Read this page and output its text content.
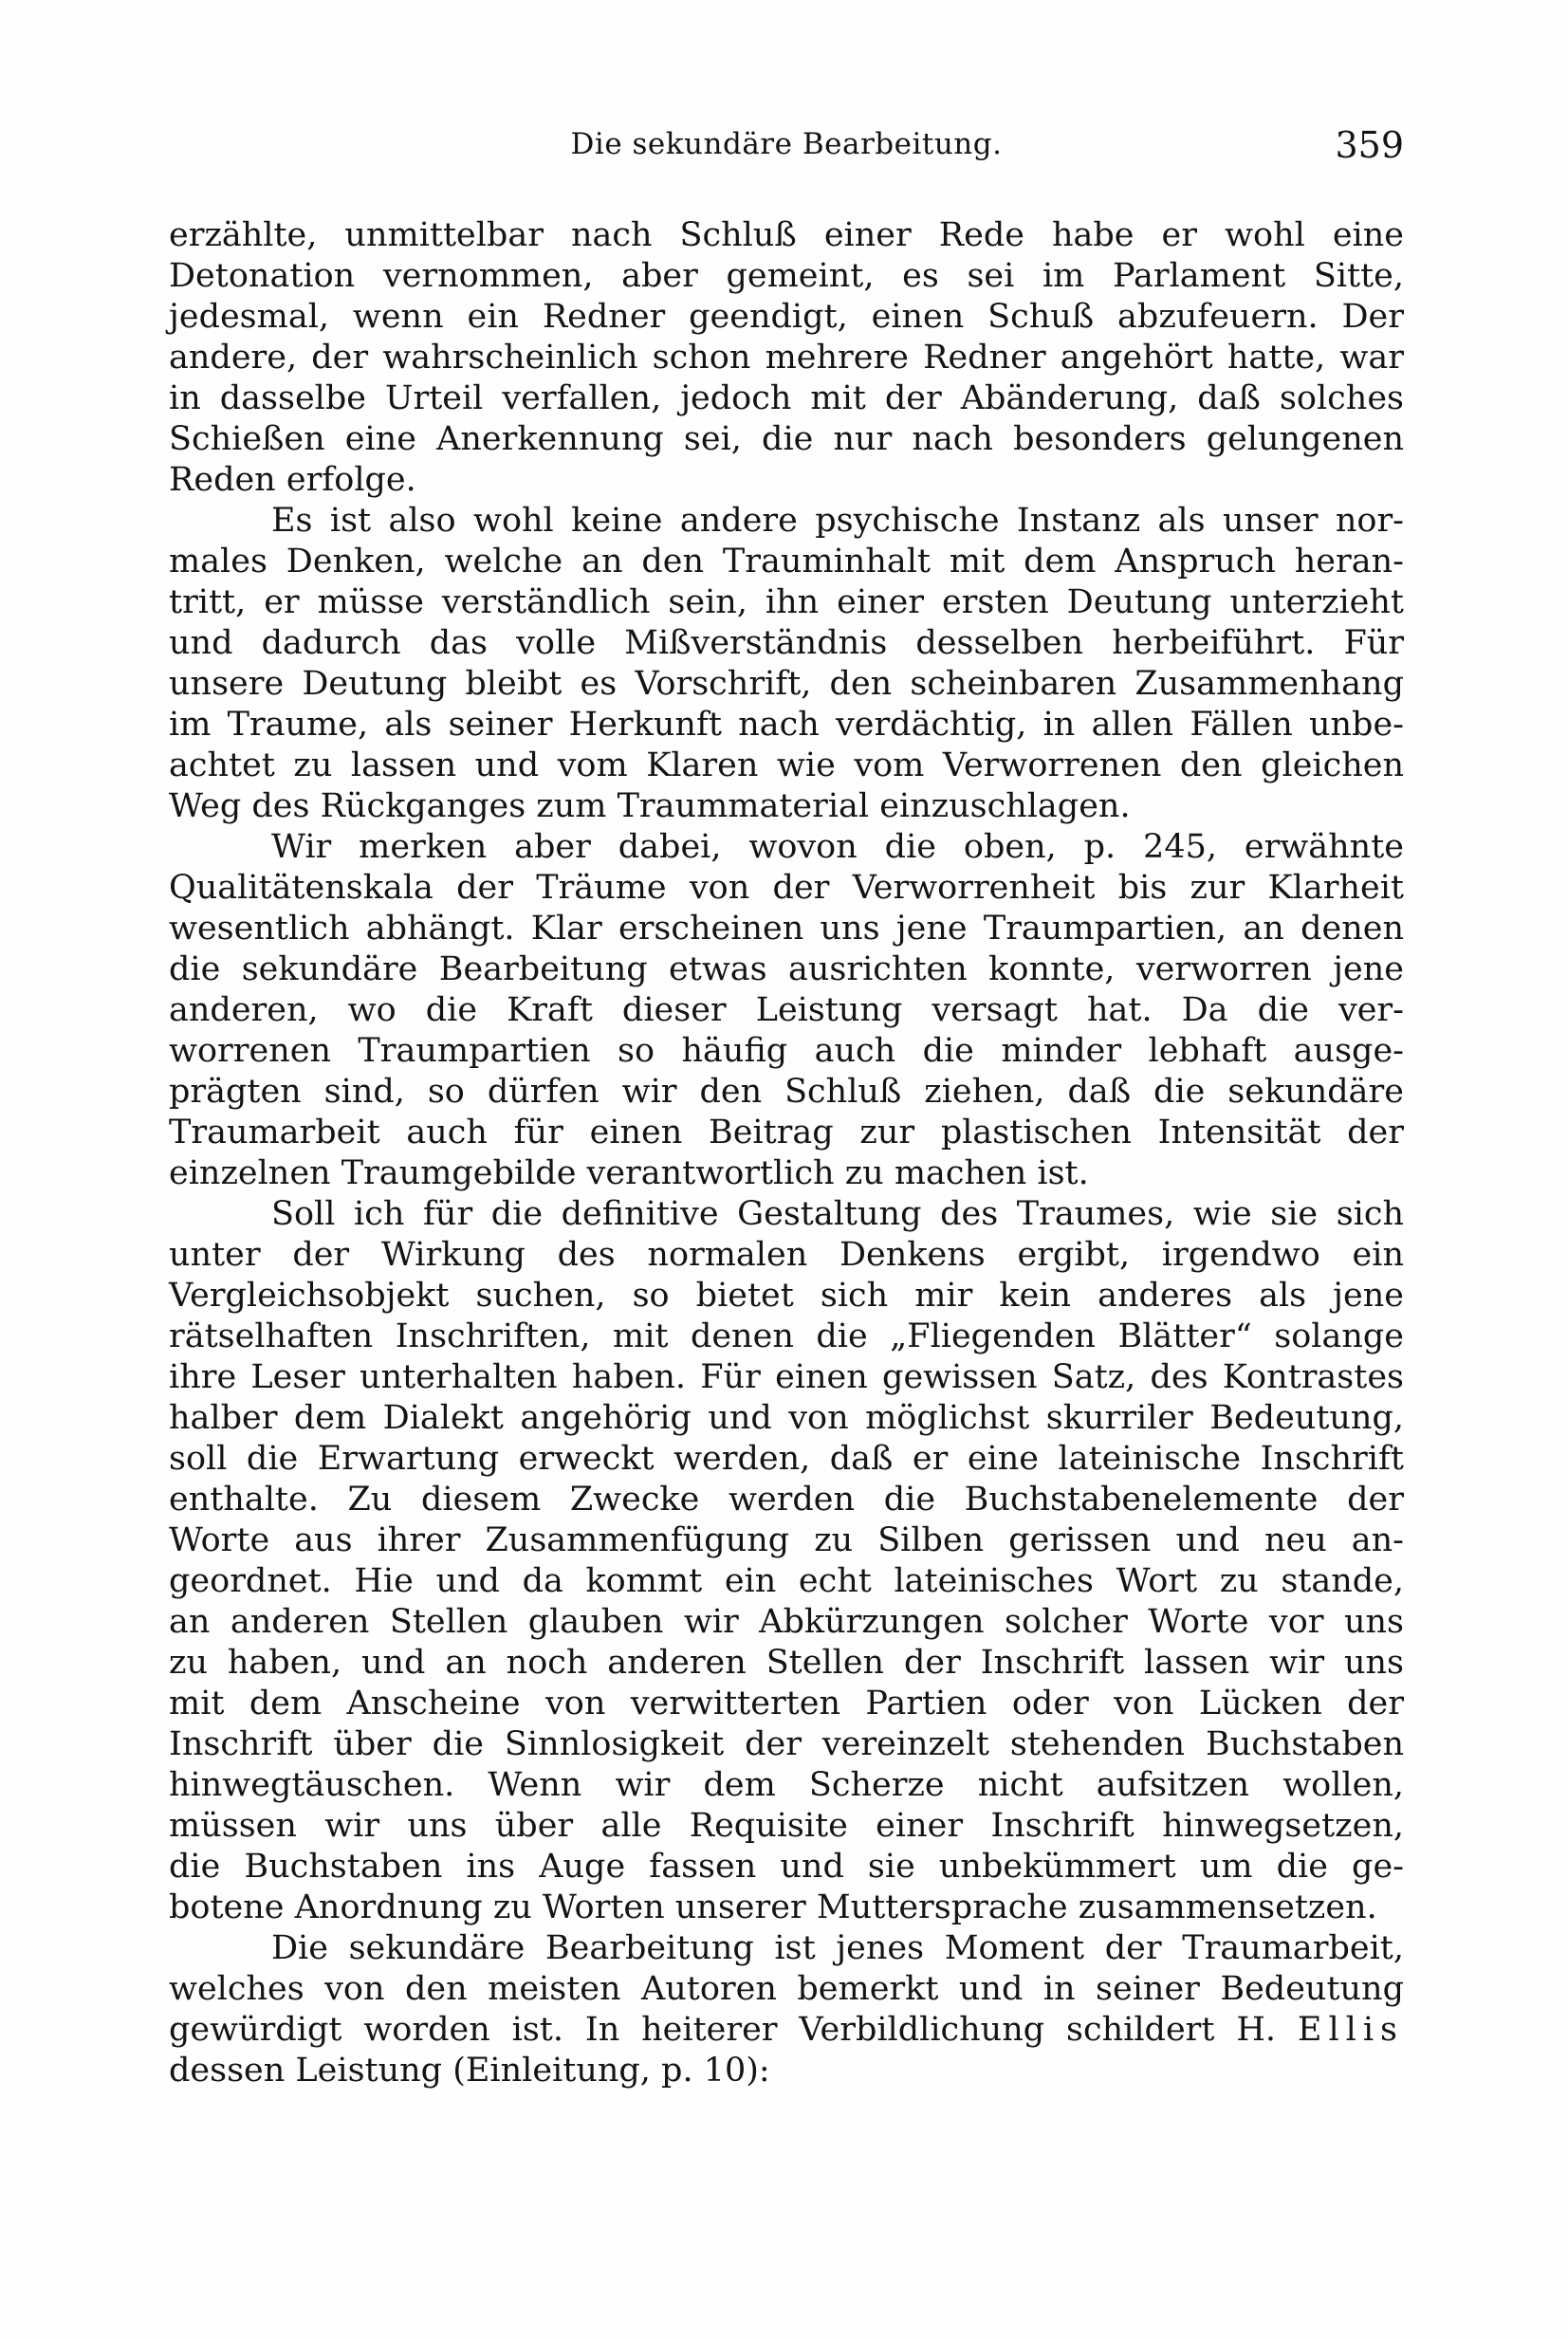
Die sekundäre Bearbeitung.	359
erzählte, unmittelbar nach Schluß einer Rede habe er wohl eine
Detonation vernommen, aber gemeint, es sei im Parlament Sitte,
jedesmal, wenn ein Redner geendigt, einen Schuß abzufeuern. Der
andere, der wahrscheinlich schon mehrere Redner angehört hatte, war
in dasselbe Urteil verfallen, jedoch mit der Abänderung, daß solches
Schießen eine Anerkennung sei, die nur nach besonders gelungenen
Reden erfolge.
Es ist also wohl keine andere psychische Instanz als unser nor-
males Denken, welche an den Trauminhalt mit dem Anspruch heran-
tritt, er müsse verständlich sein, ihn einer ersten Deutung unterzieht
und dadurch das volle Mißverständnis desselben herbeiführt. Für
unsere Deutung bleibt es Vorschrift, den scheinbaren Zusammenhang
im Traume, als seiner Herkunft nach verdächtig, in allen Fällen unbe-
achtet zu lassen und vom Klaren wie vom Verworrenen den gleichen
Weg des Rückganges zum Traummaterial einzuschlagen.
Wir merken aber dabei, wovon die oben, p. 245, erwähnte
Qualitätenskala der Träume von der Verworrenheit bis zur Klarheit
wesentlich abhängt. Klar erscheinen uns jene Traumpartien, an denen
die sekundäre Bearbeitung etwas ausrichten konnte, verworren jene
anderen, wo die Kraft dieser Leistung versagt hat. Da die ver-
worrenen Traumpartien so häufig auch die minder lebhaft ausge-
prägten sind, so dürfen wir den Schluß ziehen, daß die sekundäre
Traumarbeit auch für einen Beitrag zur plastischen Intensität der
einzelnen Traumgebilde verantwortlich zu machen ist.
Soll ich für die definitive Gestaltung des Traumes, wie sie sich
unter der Wirkung des normalen Denkens ergibt, irgendwo ein
Vergleichsobjekt suchen, so bietet sich mir kein anderes als jene
rätselhaften Inschriften, mit denen die „Fliegenden Blätter“ solange
ihre Leser unterhalten haben. Für einen gewissen Satz, des Kontrastes
halber dem Dialekt angehörig und von möglichst skurriler Bedeutung,
soll die Erwartung erweckt werden, daß er eine lateinische Inschrift
enthalte. Zu diesem Zwecke werden die Buchstabenelemente der
Worte aus ihrer Zusammenfügung zu Silben gerissen und neu an-
geordnet. Hie und da kommt ein echt lateinisches Wort zu stande,
an anderen Stellen glauben wir Abkürzungen solcher Worte vor uns
zu haben, und an noch anderen Stellen der Inschrift lassen wir uns
mit dem Anscheine von verwitterten Partien oder von Lücken der
Inschrift über die Sinnlosigkeit der vereinzelt stehenden Buchstaben
hinwegtäuschen. Wenn wir dem Scherze nicht aufsitzen wollen,
müssen wir uns über alle Requisite einer Inschrift hinwegsetzen,
die Buchstaben ins Auge fassen und sie unbekümmert um die ge-
botene Anordnung zu Worten unserer Muttersprache zusammensetzen.
Die sekundäre Bearbeitung ist jenes Moment der Traumarbeit,
welches von den meisten Autoren bemerkt und in seiner Bedeutung
gewürdigt worden ist. In heiterer Verbildlichung schildert H. Ellis
dessen Leistung (Einleitung, p. 10):
